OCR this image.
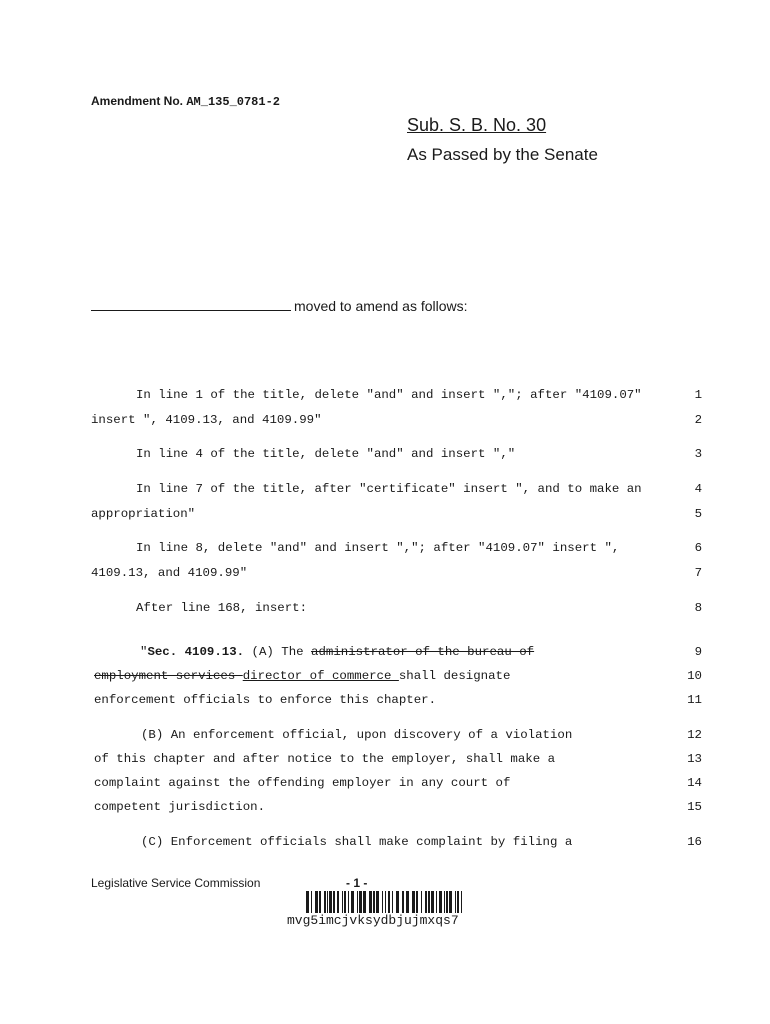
Amendment No. AM_135_0781-2
Sub. S. B. No. 30
As Passed by the Senate
moved to amend as follows:
In line 1 of the title, delete "and" and insert ","; after "4109.07"	1
insert ", 4109.13, and 4109.99"	2
In line 4 of the title, delete "and" and insert ","	3
In line 7 of the title, after "certificate" insert ", and to make an	4
appropriation"	5
In line 8, delete "and" and insert ","; after "4109.07" insert ",	6
4109.13, and 4109.99"	7
After line 168, insert:	8
"Sec. 4109.13. (A) The administrator of the bureau of	9
employment services director of commerce shall designate	10
enforcement officials to enforce this chapter.	11
(B) An enforcement official, upon discovery of a violation	12
of this chapter and after notice to the employer, shall make a	13
complaint against the offending employer in any court of	14
competent jurisdiction.	15
(C) Enforcement officials shall make complaint by filing a	16
Legislative Service Commission	- 1 -
mvg5imcjvksydbjujmxqs7
